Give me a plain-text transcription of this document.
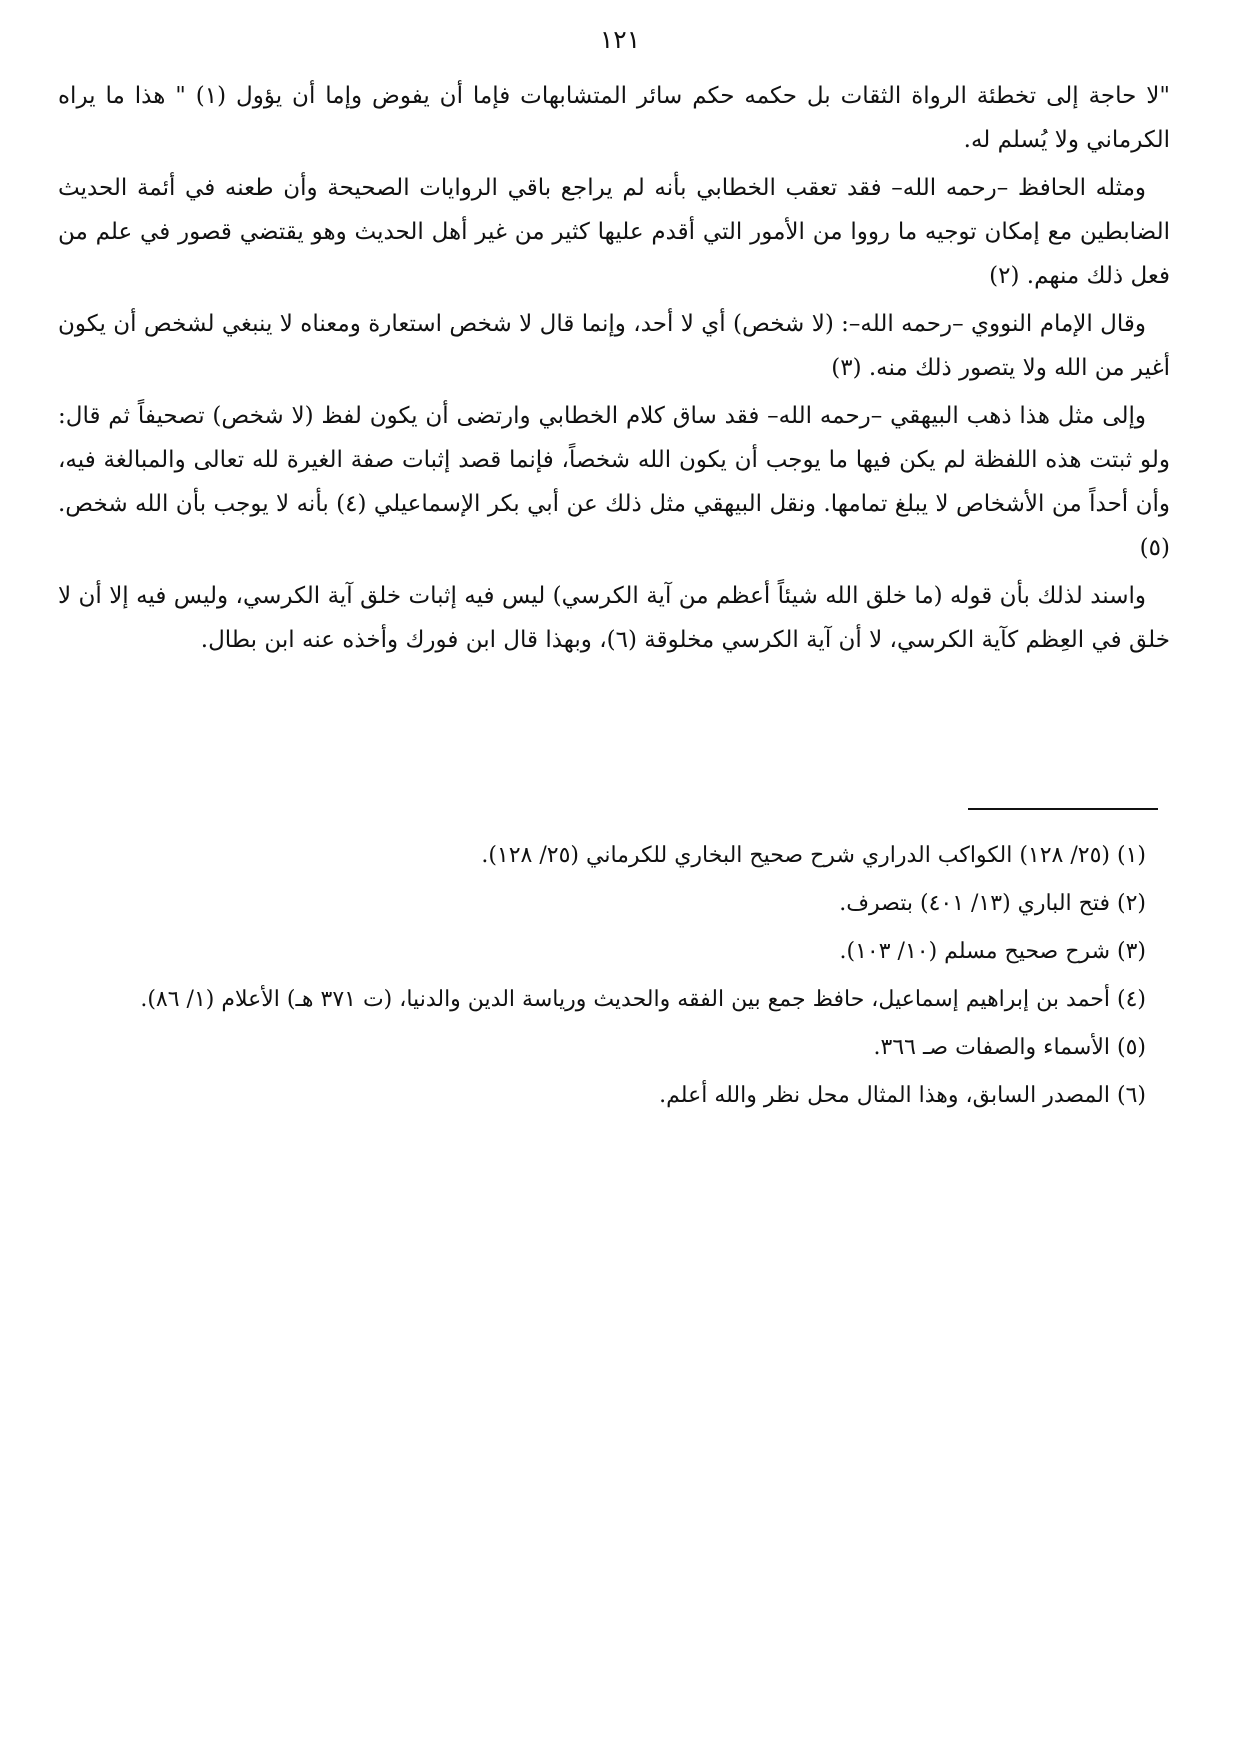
١٢١

"لا حاجة إلى تخطئة الرواة الثقات بل حكمه حكم سائر المتشابهات فإما أن يفوض وإما أن يؤول (١) " هذا ما يراه الكرماني ولا يُسلم له.

ومثله الحافظ –رحمه الله– فقد تعقب الخطابي بأنه لم يراجع باقي الروايات الصحيحة وأن طعنه في أئمة الحديث الضابطين مع إمكان توجيه ما رووا من الأمور التي أقدم عليها كثير من غير أهل الحديث وهو يقتضي قصور في علم من فعل ذلك منهم. (٢)

وقال الإمام النووي –رحمه الله–: (لا شخص) أي لا أحد، وإنما قال لا شخص استعارة ومعناه لا ينبغي لشخص أن يكون أغير من الله ولا يتصور ذلك منه. (٣)

وإلى مثل هذا ذهب البيهقي –رحمه الله– فقد ساق كلام الخطابي وارتضى أن يكون لفظ (لا شخص) تصحيفاً ثم قال: ولو ثبتت هذه اللفظة لم يكن فيها ما يوجب أن يكون الله شخصاً، فإنما قصد إثبات صفة الغيرة لله تعالى والمبالغة فيه، وأن أحداً من الأشخاص لا يبلغ تمامها. ونقل البيهقي مثل ذلك عن أبي بكر الإسماعيلي (٤) بأنه لا يوجب بأن الله شخص. (٥)

واسند لذلك بأن قوله (ما خلق الله شيئاً أعظم من آية الكرسي) ليس فيه إثبات خلق آية الكرسي، وليس فيه إلا أن لا خلق في العِظم كآية الكرسي، لا أن آية الكرسي مخلوقة (٦)، وبهذا قال ابن فورك وأخذه عنه ابن بطال.

(١) (٢٥/ ١٢٨) الكواكب الدراري شرح صحيح البخاري للكرماني (٢٥/ ١٢٨).

(٢) فتح الباري (١٣/ ٤٠١) بتصرف.

(٣) شرح صحيح مسلم (١٠/ ١٠٣).

(٤) أحمد بن إبراهيم إسماعيل، حافظ جمع بين الفقه والحديث ورياسة الدين والدنيا، (ت ٣٧١ هـ) الأعلام (١/ ٨٦).

(٥) الأسماء والصفات صـ ٣٦٦.

(٦) المصدر السابق، وهذا المثال محل نظر والله أعلم.
